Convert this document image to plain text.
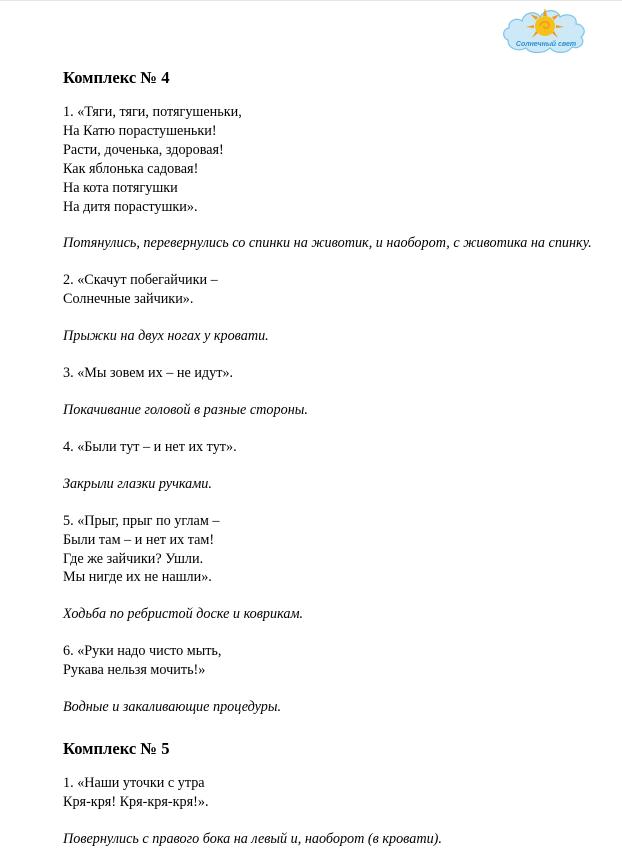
Солнечный свет
Комплекс № 4

1. «Тяги, тяги, потягушеньки,
На Катю порастушеньки!
Расти, доченька, здоровая!
Как яблонька садовая!
На кота потягушки
На дитя порастушки».

Потянулись, перевернулись со спинки на животик, и наоборот, с животика на спинку.

2. «Скачут побегайчики –
Солнечные зайчики».

Прыжки на двух ногах у кровати.

3. «Мы зовем их – не идут».

Покачивание головой в разные стороны.

4. «Были тут – и нет их тут».

Закрыли глазки ручками.

5. «Прыг, прыг по углам –
Были там – и нет их там!
Где же зайчики? Ушли.
Мы нигде их не нашли».

Ходьба по ребристой доске и коврикам.

6. «Руки надо чисто мыть,
Рукава нельзя мочить!»

Водные и закаливающие процедуры.

Комплекс № 5

1. «Наши уточки с утра
Кря-кря! Кря-кря-кря!».

Повернулись с правого бока на левый и, наоборот (в кровати).
